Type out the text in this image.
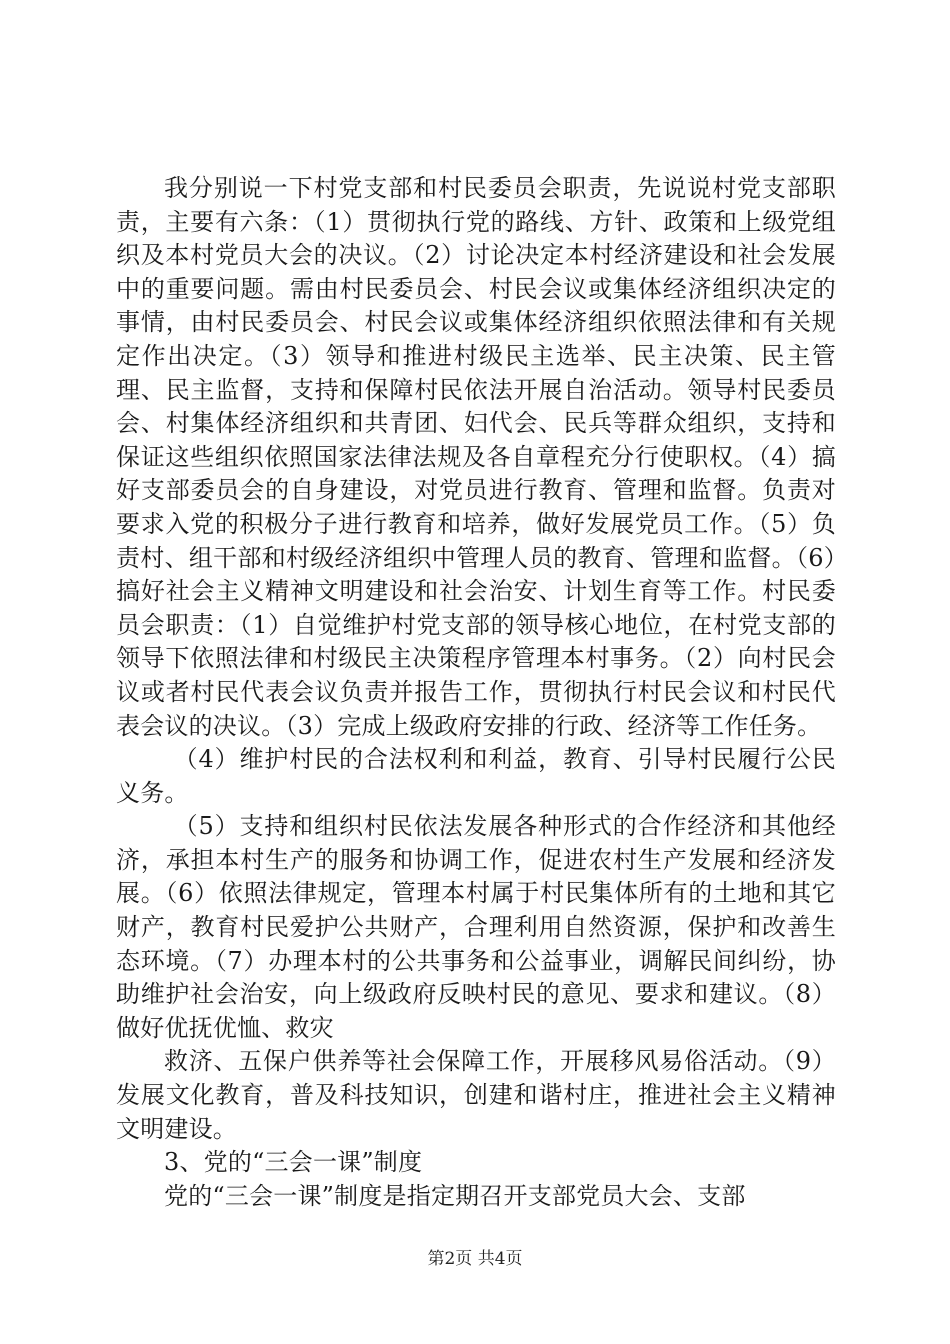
我分别说一下村党支部和村民委员会职责，先说说村党支部职责，主要有六条：（1）贯彻执行党的路线、方针、政策和上级党组织及本村党员大会的决议。（2）讨论决定本村经济建设和社会发展中的重要问题。需由村民委员会、村民会议或集体经济组织决定的事情，由村民委员会、村民会议或集体经济组织依照法律和有关规定作出决定。（3）领导和推进村级民主选举、民主决策、民主管理、民主监督，支持和保障村民依法开展自治活动。领导村民委员会、村集体经济组织和共青团、妇代会、民兵等群众组织，支持和保证这些组织依照国家法律法规及各自章程充分行使职权。（4）搞好支部委员会的自身建设，对党员进行教育、管理和监督。负责对要求入党的积极分子进行教育和培养，做好发展党员工作。（5）负责村、组干部和村级经济组织中管理人员的教育、管理和监督。（6）搞好社会主义精神文明建设和社会治安、计划生育等工作。村民委员会职责：（1）自觉维护村党支部的领导核心地位，在村党支部的领导下依照法律和村级民主决策程序管理本村事务。（2）向村民会议或者村民代表会议负责并报告工作，贯彻执行村民会议和村民代表会议的决议。（3）完成上级政府安排的行政、经济等工作任务。

（4）维护村民的合法权利和利益，教育、引导村民履行公民义务。

（5）支持和组织村民依法发展各种形式的合作经济和其他经济，承担本村生产的服务和协调工作，促进农村生产发展和经济发展。（6）依照法律规定，管理本村属于村民集体所有的土地和其它财产，教育村民爱护公共财产，合理利用自然资源，保护和改善生态环境。（7）办理本村的公共事务和公益事业，调解民间纠纷，协助维护社会治安，向上级政府反映村民的意见、要求和建议。（8）做好优抚优恤、救灾

救济、五保户供养等社会保障工作，开展移风易俗活动。（9）发展文化教育，普及科技知识，创建和谐村庄，推进社会主义精神文明建设。

3、党的“三会一课”制度

党的“三会一课”制度是指定期召开支部党员大会、支部

第2页 共4页
